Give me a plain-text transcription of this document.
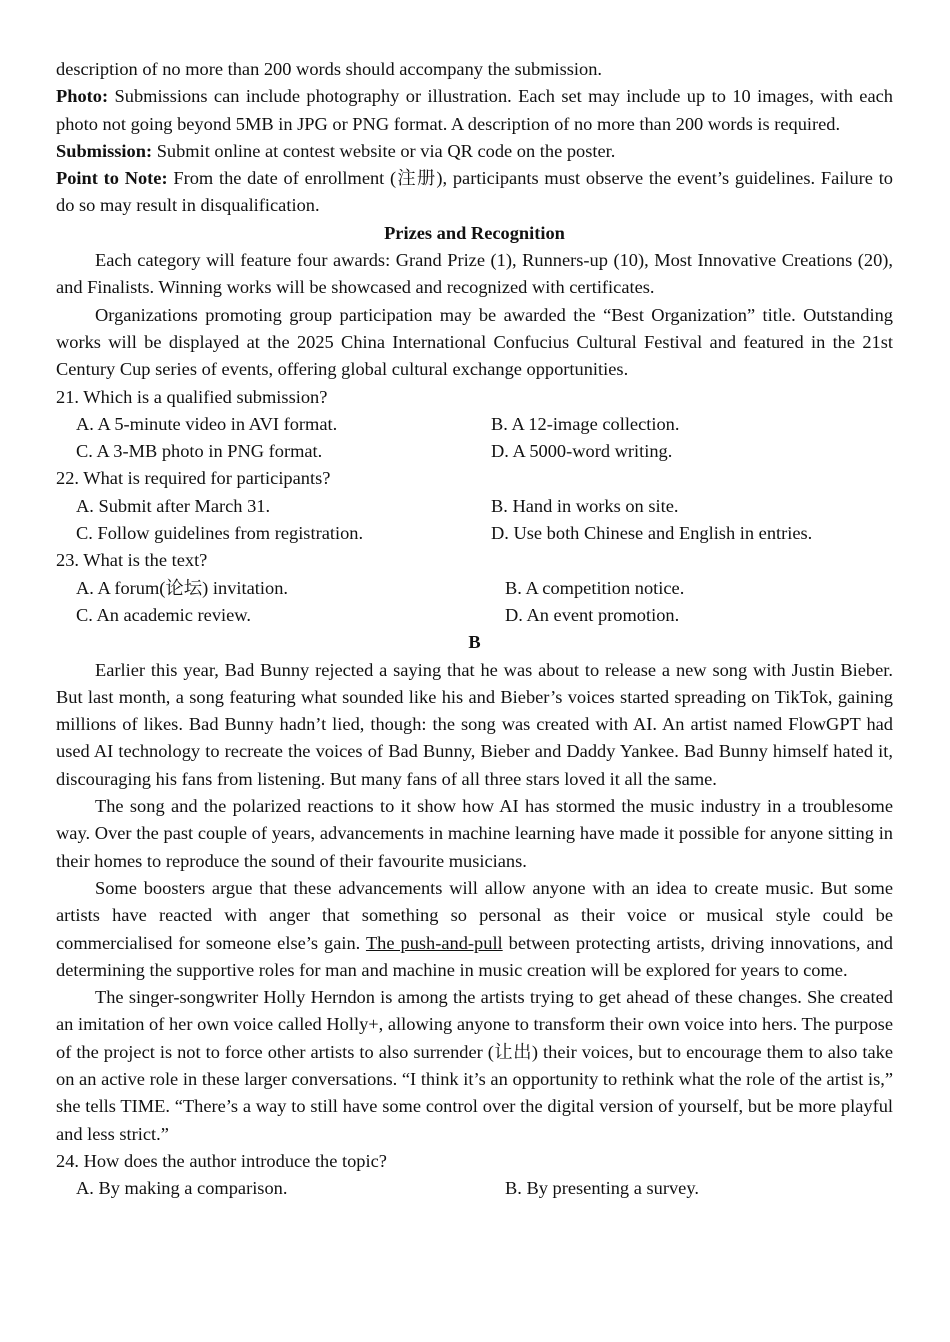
description of no more than 200 words should accompany the submission.

Photo: Submissions can include photography or illustration. Each set may include up to 10 images, with each photo not going beyond 5MB in JPG or PNG format. A description of no more than 200 words is required.

Submission: Submit online at contest website or via QR code on the poster.

Point to Note: From the date of enrollment (注册), participants must observe the event’s guidelines. Failure to do so may result in disqualification.

Prizes and Recognition

Each category will feature four awards: Grand Prize (1), Runners-up (10), Most Innovative Creations (20), and Finalists. Winning works will be showcased and recognized with certificates.

Organizations promoting group participation may be awarded the “Best Organization” title. Outstanding works will be displayed at the 2025 China International Confucius Cultural Festival and featured in the 21st Century Cup series of events, offering global cultural exchange opportunities.

21. Which is a qualified submission?

A. A 5-minute video in AVI format.	B. A 12-image collection.
C. A 3-MB photo in PNG format.	D. A 5000-word writing.

22. What is required for participants?

A. Submit after March 31.	B. Hand in works on site.
C. Follow guidelines from registration.	D. Use both Chinese and English in entries.

23. What is the text?

A. A forum(论坛) invitation.	B. A competition notice.
C. An academic review.	D. An event promotion.

B

Earlier this year, Bad Bunny rejected a saying that he was about to release a new song with Justin Bieber. But last month, a song featuring what sounded like his and Bieber’s voices started spreading on TikTok, gaining millions of likes. Bad Bunny hadn’t lied, though: the song was created with AI. An artist named FlowGPT had used AI technology to recreate the voices of Bad Bunny, Bieber and Daddy Yankee. Bad Bunny himself hated it, discouraging his fans from listening. But many fans of all three stars loved it all the same.

The song and the polarized reactions to it show how AI has stormed the music industry in a troublesome way. Over the past couple of years, advancements in machine learning have made it possible for anyone sitting in their homes to reproduce the sound of their favourite musicians.

Some boosters argue that these advancements will allow anyone with an idea to create music. But some artists have reacted with anger that something so personal as their voice or musical style could be commercialised for someone else’s gain. The push-and-pull between protecting artists, driving innovations, and determining the supportive roles for man and machine in music creation will be explored for years to come.

The singer-songwriter Holly Herndon is among the artists trying to get ahead of these changes. She created an imitation of her own voice called Holly+, allowing anyone to transform their own voice into hers. The purpose of the project is not to force other artists to also surrender (让出) their voices, but to encourage them to also take on an active role in these larger conversations. “I think it’s an opportunity to rethink what the role of the artist is,” she tells TIME. “There’s a way to still have some control over the digital version of yourself, but be more playful and less strict.”

24. How does the author introduce the topic?

A. By making a comparison.	B. By presenting a survey.
